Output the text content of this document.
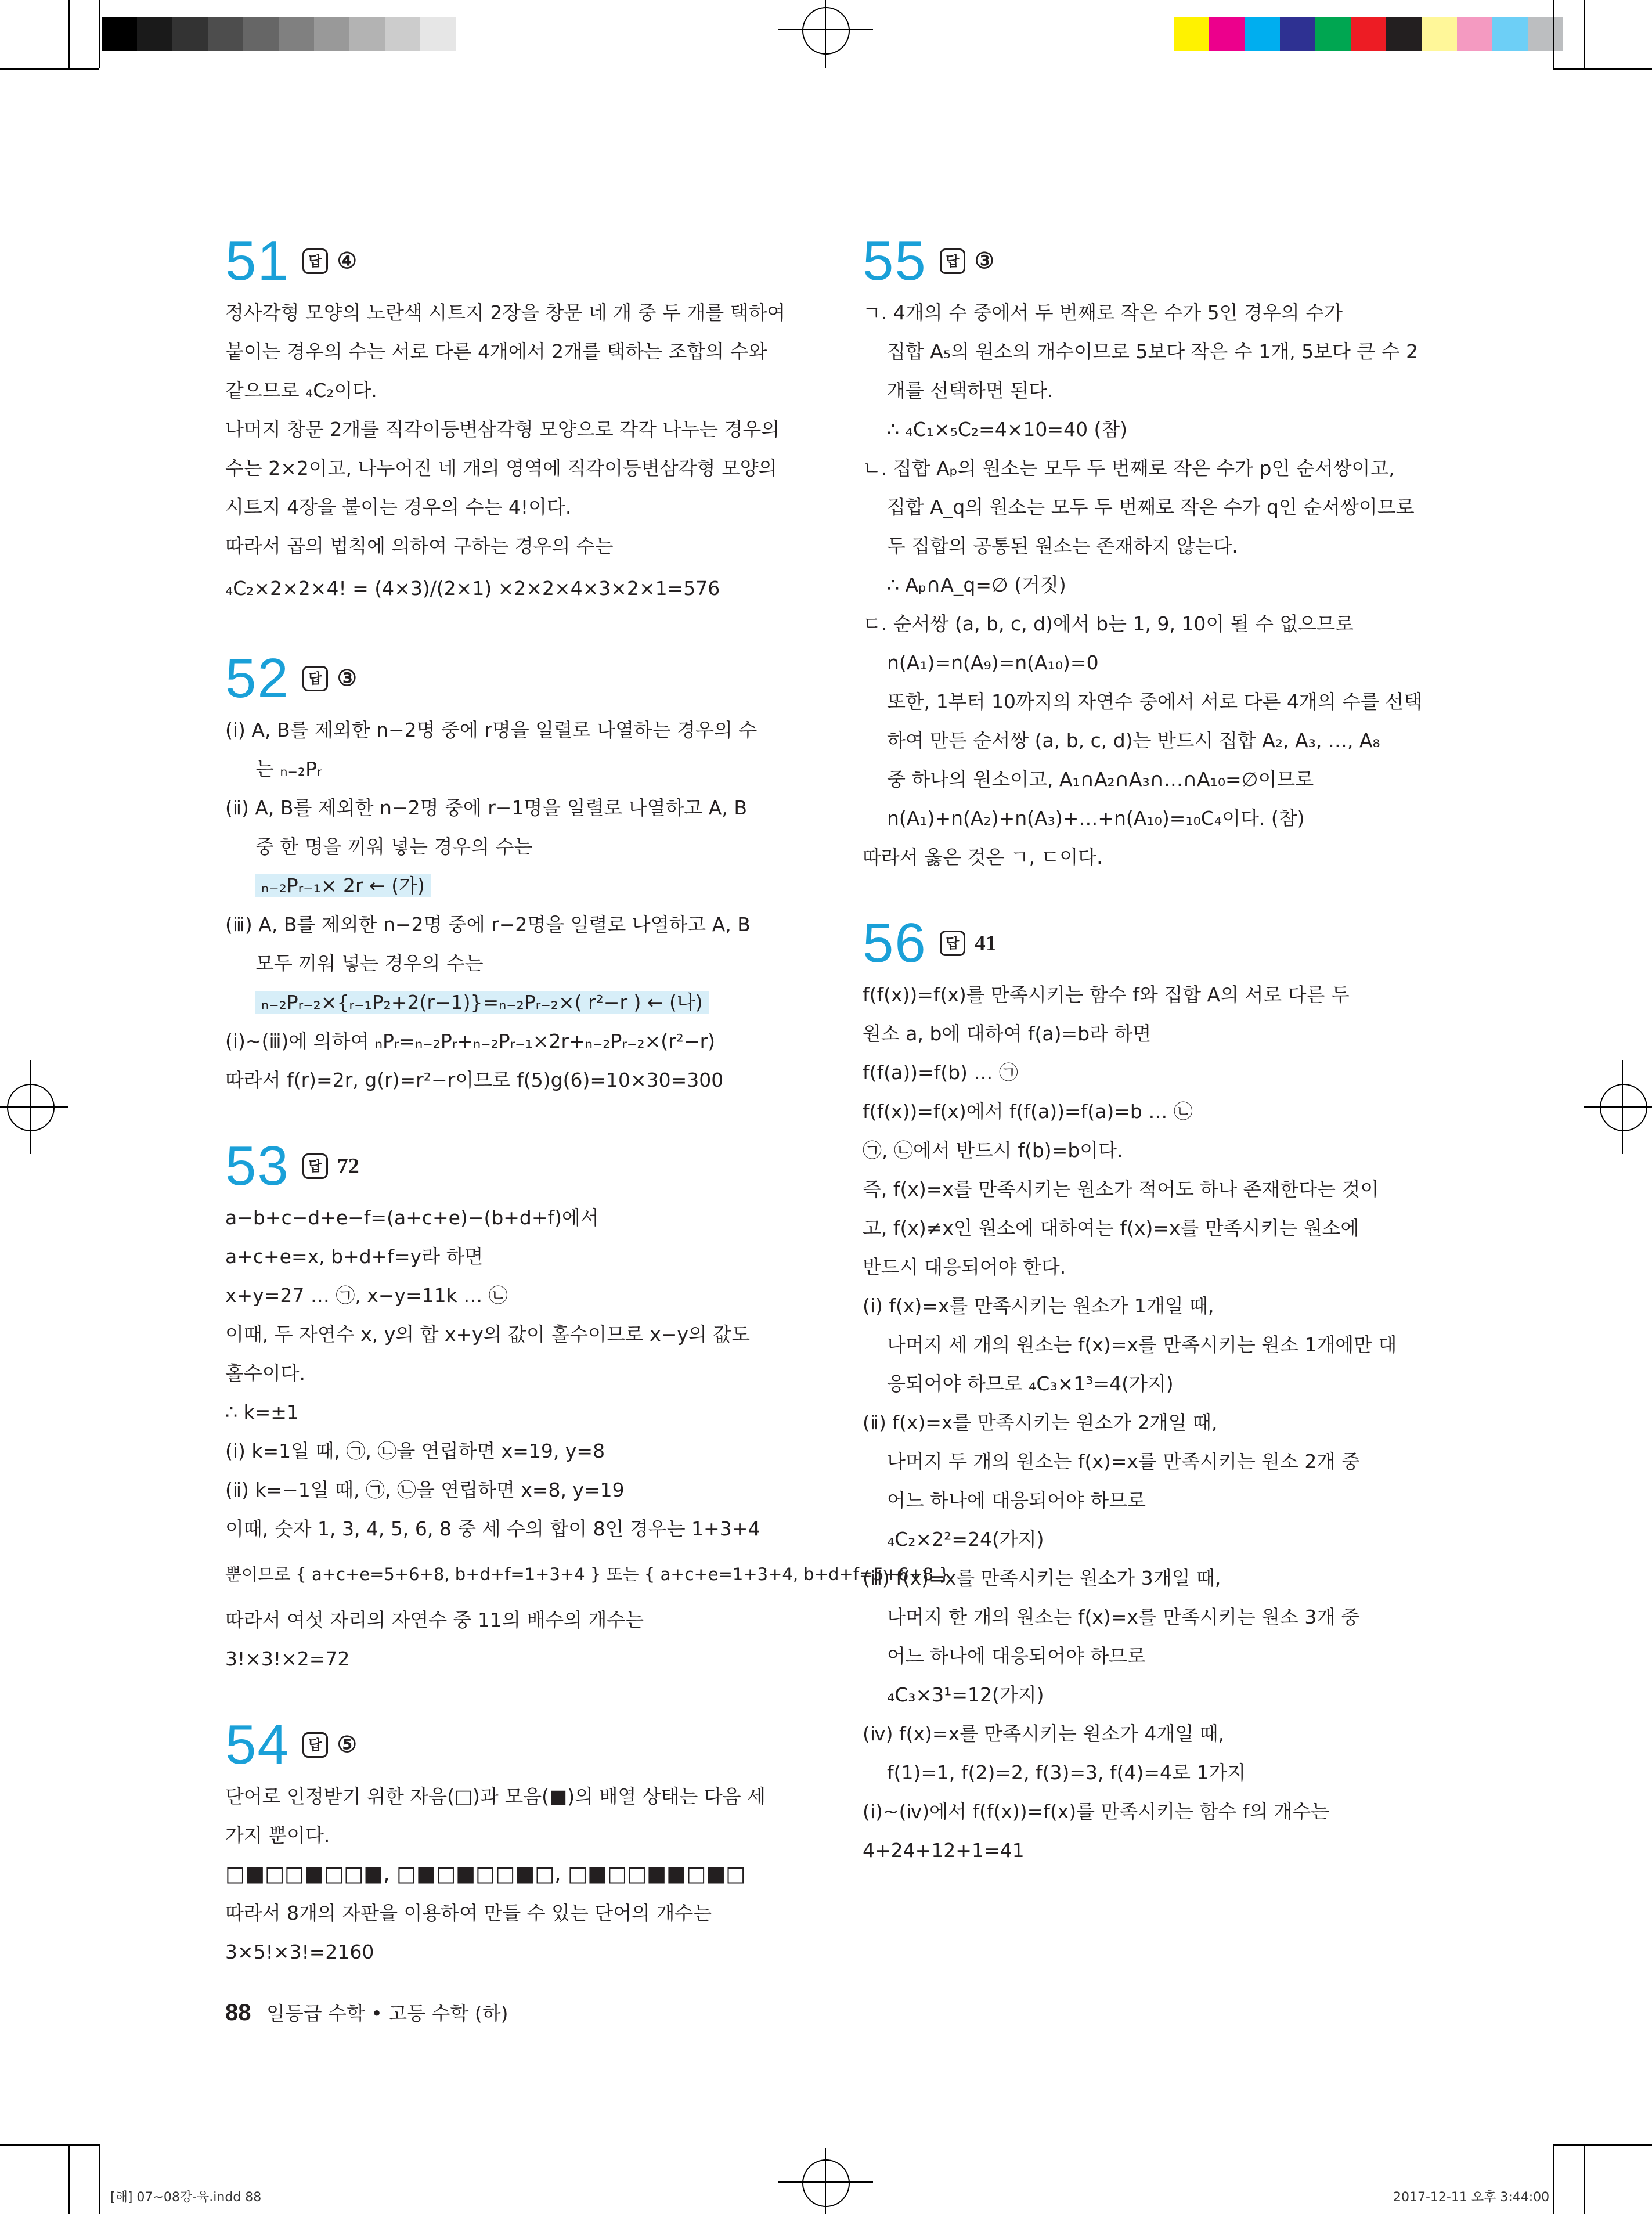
51	답 ④
정사각형 모양의 노란색 시트지 2장을 창문 네 개 중 두 개를 택하여
붙이는 경우의 수는 서로 다른 4개에서 2개를 택하는 조합의 수와
같으므로 ₄C₂이다.
나머지 창문 2개를 직각이등변삼각형 모양으로 각각 나누는 경우의
수는 2×2이고, 나누어진 네 개의 영역에 직각이등변삼각형 모양의
시트지 4장을 붙이는 경우의 수는 4!이다.
따라서 곱의 법칙에 의하여 구하는 경우의 수는
₄C₂×2×2×4! = (4×3)/(2×1) ×2×2×4×3×2×1=576
52	답 ③
(ⅰ) A, B를 제외한 n−2명 중에 r명을 일렬로 나열하는 경우의 수
는 ₙ₋₂Pᵣ
(ⅱ) A, B를 제외한 n−2명 중에 r−1명을 일렬로 나열하고 A, B
중 한 명을 끼워 넣는 경우의 수는
ₙ₋₂Pᵣ₋₁× 2r ← (가)
(ⅲ) A, B를 제외한 n−2명 중에 r−2명을 일렬로 나열하고 A, B
모두 끼워 넣는 경우의 수는
ₙ₋₂Pᵣ₋₂×{ᵣ₋₁P₂+2(r−1)}=ₙ₋₂Pᵣ₋₂×( r²−r ) ← (나)
(ⅰ)~(ⅲ)에 의하여 ₙPᵣ=ₙ₋₂Pᵣ+ₙ₋₂Pᵣ₋₁×2r+ₙ₋₂Pᵣ₋₂×(r²−r)
따라서 f(r)=2r, g(r)=r²−r이므로 f(5)g(6)=10×30=300
53	답 72
a−b+c−d+e−f=(a+c+e)−(b+d+f)에서
a+c+e=x, b+d+f=y라 하면
x+y=27 … ㉠, x−y=11k … ㉡
이때, 두 자연수 x, y의 합 x+y의 값이 홀수이므로 x−y의 값도
홀수이다.
∴ k=±1
(ⅰ) k=1일 때, ㉠, ㉡을 연립하면 x=19, y=8
(ⅱ) k=−1일 때, ㉠, ㉡을 연립하면 x=8, y=19
이때, 숫자 1, 3, 4, 5, 6, 8 중 세 수의 합이 8인 경우는 1+3+4
뿐이므로 { a+c+e=5+6+8, b+d+f=1+3+4 } 또는 { a+c+e=1+3+4, b+d+f=5+6+8 }
따라서 여섯 자리의 자연수 중 11의 배수의 개수는
3!×3!×2=72
54	답 ⑤
단어로 인정받기 위한 자음(□)과 모음(■)의 배열 상태는 다음 세
가지 뿐이다.
□■□□■□□■, □■□■□□■□, □■□□■■□■□
따라서 8개의 자판을 이용하여 만들 수 있는 단어의 개수는
3×5!×3!=2160
55	답 ③
ㄱ. 4개의 수 중에서 두 번째로 작은 수가 5인 경우의 수가
집합 A₅의 원소의 개수이므로 5보다 작은 수 1개, 5보다 큰 수 2
개를 선택하면 된다.
∴ ₄C₁×₅C₂=4×10=40 (참)
ㄴ. 집합 Aₚ의 원소는 모두 두 번째로 작은 수가 p인 순서쌍이고,
집합 A_q의 원소는 모두 두 번째로 작은 수가 q인 순서쌍이므로
두 집합의 공통된 원소는 존재하지 않는다.
∴ Aₚ∩A_q=∅ (거짓)
ㄷ. 순서쌍 (a, b, c, d)에서 b는 1, 9, 10이 될 수 없으므로
n(A₁)=n(A₉)=n(A₁₀)=0
또한, 1부터 10까지의 자연수 중에서 서로 다른 4개의 수를 선택
하여 만든 순서쌍 (a, b, c, d)는 반드시 집합 A₂, A₃, …, A₈
중 하나의 원소이고, A₁∩A₂∩A₃∩…∩A₁₀=∅이므로
n(A₁)+n(A₂)+n(A₃)+…+n(A₁₀)=₁₀C₄이다. (참)
따라서 옳은 것은 ㄱ, ㄷ이다.
56	답 41
f(f(x))=f(x)를 만족시키는 함수 f와 집합 A의 서로 다른 두
원소 a, b에 대하여 f(a)=b라 하면
f(f(a))=f(b) … ㉠
f(f(x))=f(x)에서 f(f(a))=f(a)=b … ㉡
㉠, ㉡에서 반드시 f(b)=b이다.
즉, f(x)=x를 만족시키는 원소가 적어도 하나 존재한다는 것이
고, f(x)≠x인 원소에 대하여는 f(x)=x를 만족시키는 원소에
반드시 대응되어야 한다.
(ⅰ) f(x)=x를 만족시키는 원소가 1개일 때,
나머지 세 개의 원소는 f(x)=x를 만족시키는 원소 1개에만 대
응되어야 하므로 ₄C₃×1³=4(가지)
(ⅱ) f(x)=x를 만족시키는 원소가 2개일 때,
나머지 두 개의 원소는 f(x)=x를 만족시키는 원소 2개 중
어느 하나에 대응되어야 하므로
₄C₂×2²=24(가지)
(ⅲ) f(x)=x를 만족시키는 원소가 3개일 때,
나머지 한 개의 원소는 f(x)=x를 만족시키는 원소 3개 중
어느 하나에 대응되어야 하므로
₄C₃×3¹=12(가지)
(ⅳ) f(x)=x를 만족시키는 원소가 4개일 때,
f(1)=1, f(2)=2, f(3)=3, f(4)=4로 1가지
(ⅰ)~(ⅳ)에서 f(f(x))=f(x)를 만족시키는 함수 f의 개수는
4+24+12+1=41
88 일등급 수학 • 고등 수학 (하)
[해] 07~08강-육.indd 88	2017-12-11 오후 3:44:00
